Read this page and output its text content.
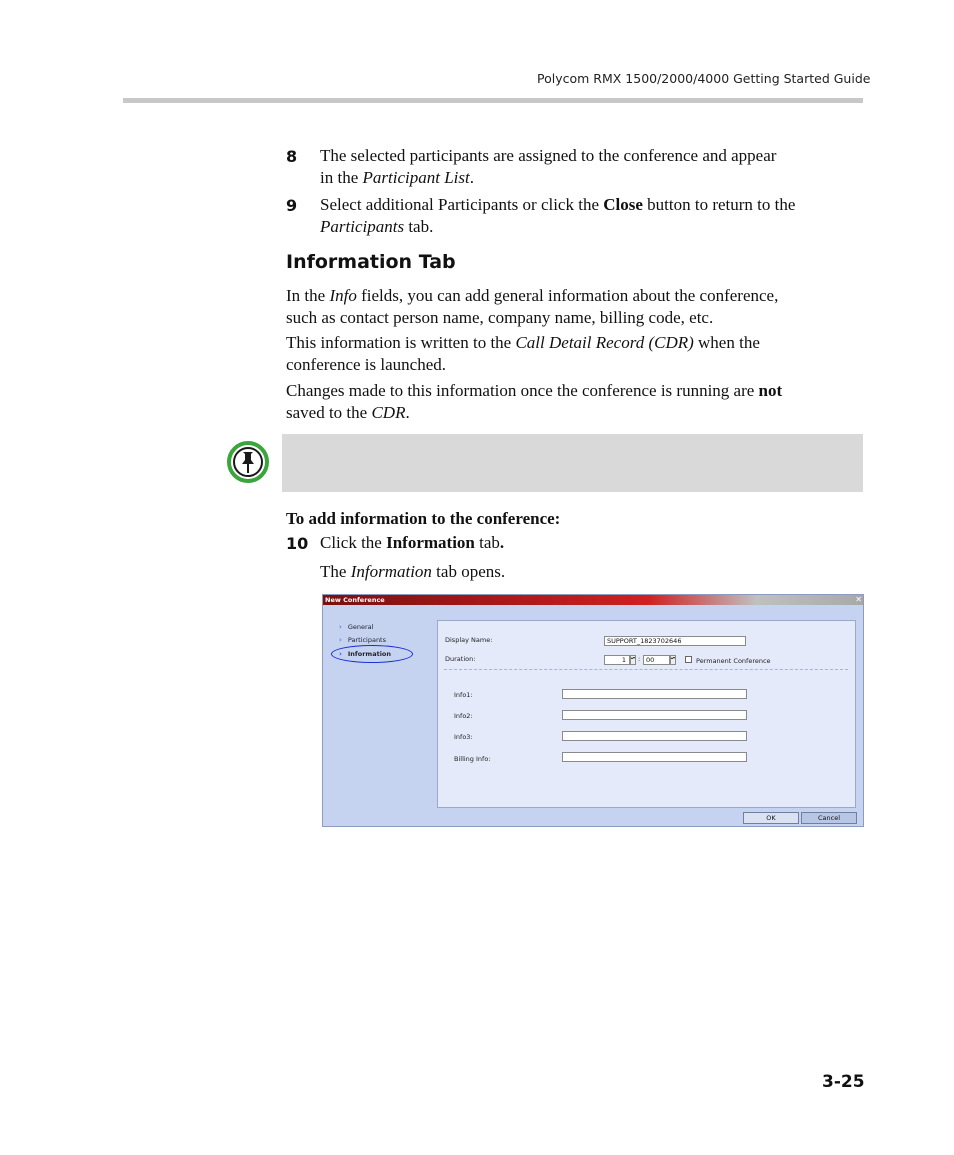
Polycom RMX 1500/2000/4000 Getting Started Guide
8 The selected participants are assigned to the conference and appear
in the Participant List.
9 Select additional Participants or click the Close button to return to the
Participants tab.
Information Tab
In the Info fields, you can add general information about the conference,
such as contact person name, company name, billing code, etc.
This information is written to the Call Detail Record (CDR) when the
conference is launched.
Changes made to this information once the conference is running are not
saved to the CDR.
To add information to the conference:
10 Click the Information tab.
The Information tab opens.
New Conference	✕
› General
› Participants
› Information
Display Name:	SUPPORT_1823702646
Duration:	1	▴▾ : 00	▴▾	Permanent Conference
Info1:
Info2:
Info3:
Billing Info:
OK	Cancel
3-25
